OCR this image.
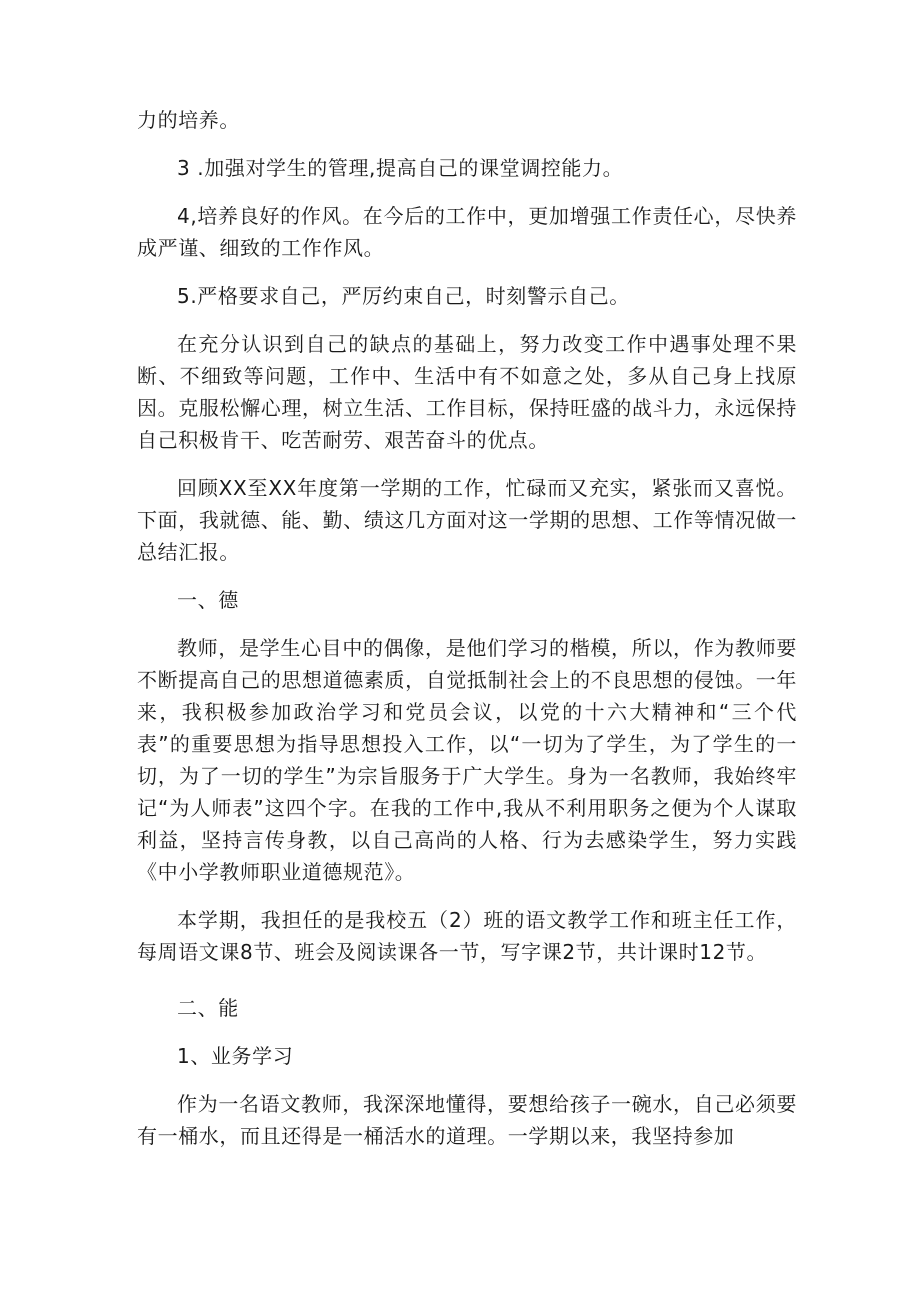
力的培养。

3 .加强对学生的管理,提高自己的课堂调控能力。

4,培养良好的作风。在今后的工作中，更加增强工作责任心，尽快养成严谨、细致的工作作风。

5.严格要求自己，严厉约束自己，时刻警示自己。

在充分认识到自己的缺点的基础上，努力改变工作中遇事处理不果断、不细致等问题，工作中、生活中有不如意之处，多从自己身上找原因。克服松懈心理，树立生活、工作目标，保持旺盛的战斗力，永远保持自己积极肯干、吃苦耐劳、艰苦奋斗的优点。

回顾XX至XX年度第一学期的工作，忙碌而又充实，紧张而又喜悦。下面，我就德、能、勤、绩这几方面对这一学期的思想、工作等情况做一总结汇报。

一、德

教师，是学生心目中的偶像，是他们学习的楷模，所以，作为教师要不断提高自己的思想道德素质，自觉抵制社会上的不良思想的侵蚀。一年来，我积极参加政治学习和党员会议，以党的十六大精神和“三个代表”的重要思想为指导思想投入工作，以“一切为了学生，为了学生的一切，为了一切的学生”为宗旨服务于广大学生。身为一名教师，我始终牢记“为人师表”这四个字。在我的工作中,我从不利用职务之便为个人谋取利益，坚持言传身教，以自己高尚的人格、行为去感染学生，努力实践《中小学教师职业道德规范》。

本学期，我担任的是我校五（2）班的语文教学工作和班主任工作，每周语文课8节、班会及阅读课各一节，写字课2节，共计课时12节。

二、能

1、业务学习

作为一名语文教师，我深深地懂得，要想给孩子一碗水，自己必须要有一桶水，而且还得是一桶活水的道理。一学期以来，我坚持参加
